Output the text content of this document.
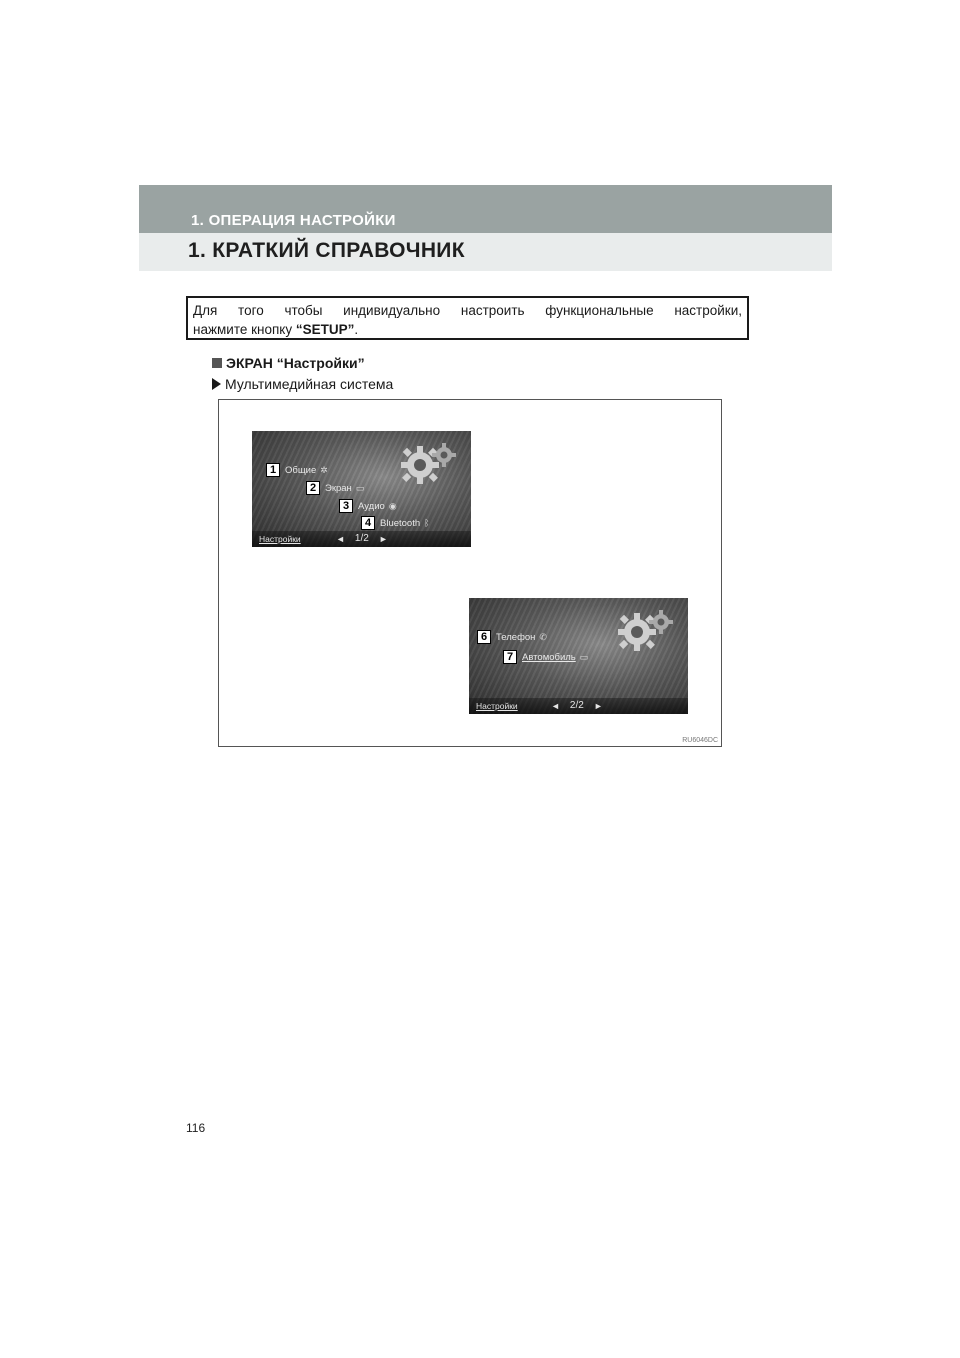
1. ОПЕРАЦИЯ НАСТРОЙКИ
1. КРАТКИЙ СПРАВОЧНИК
Для того чтобы индивидуально настроить функциональные настройки,
нажмите кнопку “SETUP”.
ЭКРАН “Настройки”
Мультимедийная система
1 Общие ✲
2 Экран ▭
3 Аудио ◉
4 Bluetooth ᛒ
Настройки	◄ 1/2 ►
6 Телефон ✆
7 Автомобиль ▭
Настройки	◄ 2/2 ►
RU6046DC
116
